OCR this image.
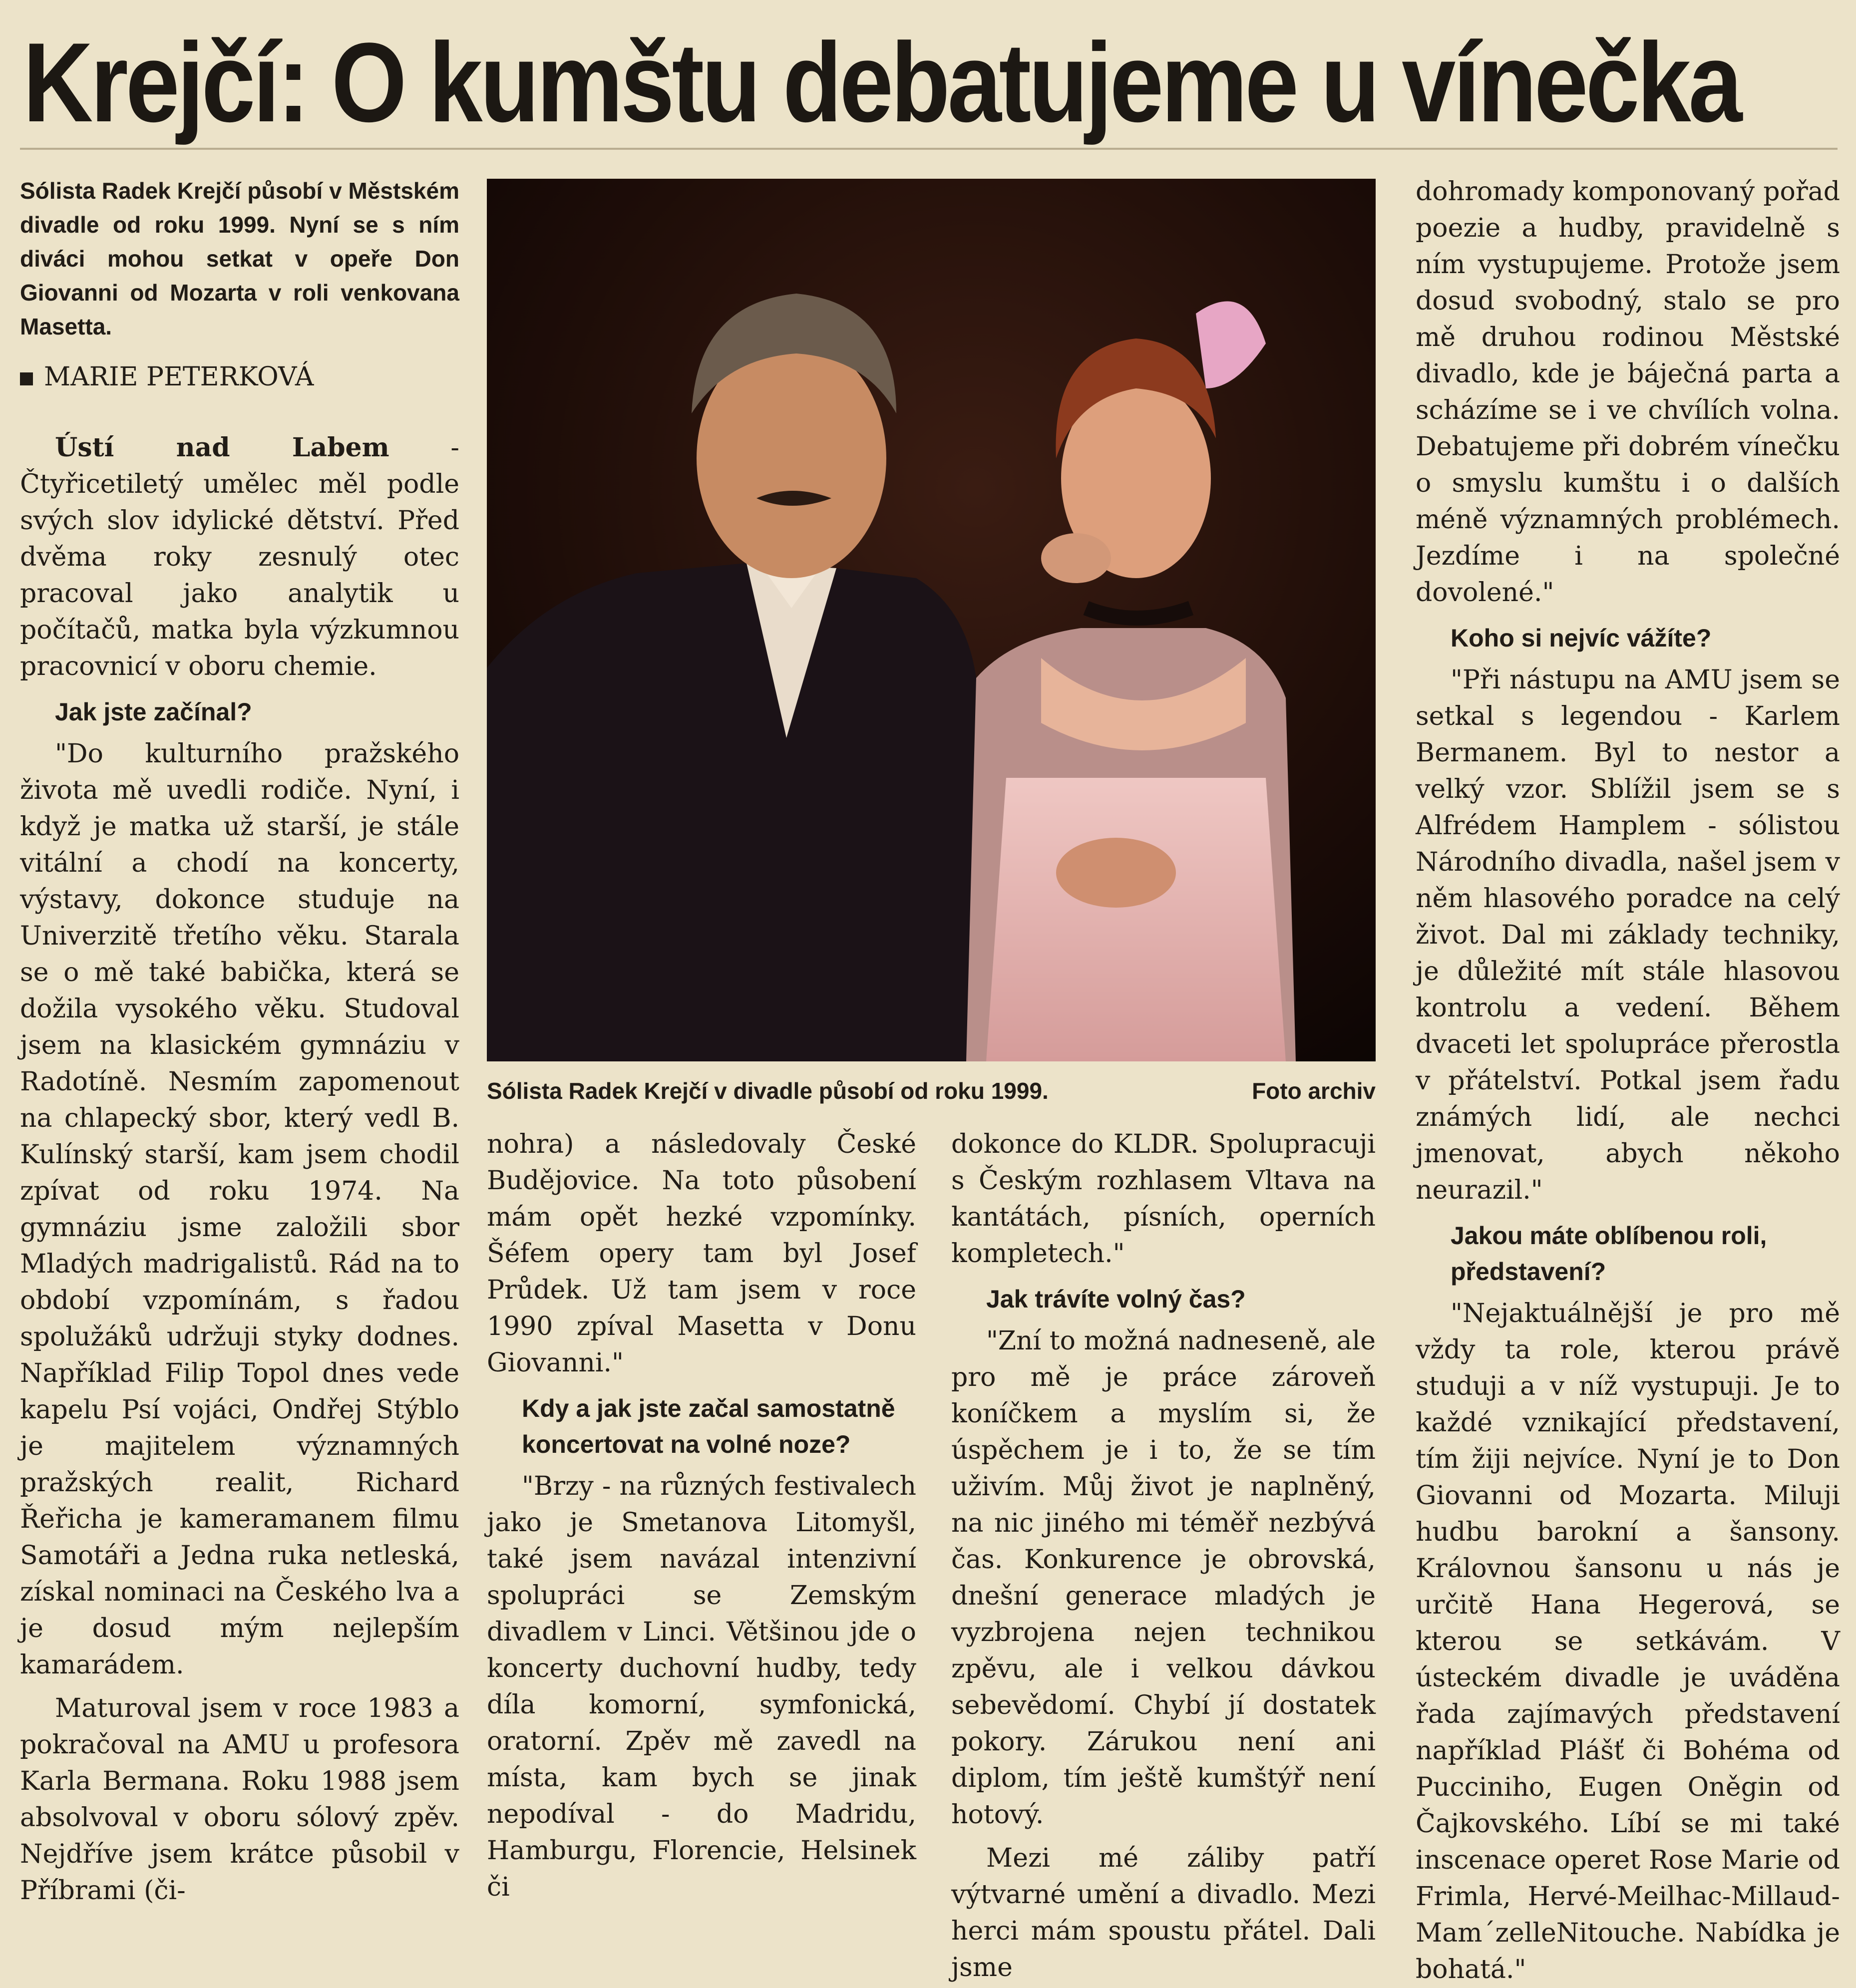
Krejčí: O kumštu debatujeme u vínečka

Sólista Radek Krejčí působí v Městském divadle od roku 1999. Nyní se s ním diváci mohou setkat v opeře Don Giovanni od Mozarta v roli venkovana Masetta.

MARIE PETERKOVÁ

Ústí nad Labem - Čtyřicetiletý umělec měl podle svých slov idylické dětství. Před dvěma roky zesnulý otec pracoval jako analytik u počítačů, matka byla výzkumnou pracovnicí v oboru chemie.

Jak jste začínal?

"Do kulturního pražského života mě uvedli rodiče. Nyní, i když je matka už starší, je stále vitální a chodí na koncerty, výstavy, dokonce studuje na Univerzitě třetího věku. Starala se o mě také babička, která se dožila vysokého věku. Studoval jsem na klasickém gymnáziu v Radotíně. Nesmím zapomenout na chlapecký sbor, který vedl B. Kulínský starší, kam jsem chodil zpívat od roku 1974. Na gymnáziu jsme založili sbor Mladých madrigalistů. Rád na to období vzpomínám, s řadou spolužáků udržuji styky dodnes. Například Filip Topol dnes vede kapelu Psí vojáci, Ondřej Stýblo je majitelem významných pražských realit, Richard Řeřicha je kameramanem filmu Samotáři a Jedna ruka netleská, získal nominaci na Českého lva a je dosud mým nejlepším kamarádem.

Maturoval jsem v roce 1983 a pokračoval na AMU u profesora Karla Bermana. Roku 1988 jsem absolvoval v oboru sólový zpěv. Nejdříve jsem krátce působil v Příbrami (či-

Sólista Radek Krejčí v divadle působí od roku 1999.	Foto archiv

nohra) a následovaly České Budějovice. Na toto působení mám opět hezké vzpomínky. Šéfem opery tam byl Josef Průdek. Už tam jsem v roce 1990 zpíval Masetta v Donu Giovanni."

Kdy a jak jste začal samostatně koncertovat na volné noze?

"Brzy - na různých festivalech jako je Smetanova Litomyšl, také jsem navázal intenzivní spolupráci se Zemským divadlem v Linci. Většinou jde o koncerty duchovní hudby, tedy díla komorní, symfonická, oratorní. Zpěv mě zavedl na místa, kam bych se jinak nepodíval - do Madridu, Hamburgu, Florencie, Helsinek či

dokonce do KLDR. Spolupracuji s Českým rozhlasem Vltava na kantátách, písních, operních kompletech."

Jak trávíte volný čas?

"Zní to možná nadneseně, ale pro mě je práce zároveň koníčkem a myslím si, že úspěchem je i to, že se tím uživím. Můj život je naplněný, na nic jiného mi téměř nezbývá čas. Konkurence je obrovská, dnešní generace mladých je vyzbrojena nejen technikou zpěvu, ale i velkou dávkou sebevědomí. Chybí jí dostatek pokory. Zárukou není ani diplom, tím ještě kumštýř není hotový.

Mezi mé záliby patří výtvarné umění a divadlo. Mezi herci mám spoustu přátel. Dali jsme

dohromady komponovaný pořad poezie a hudby, pravidelně s ním vystupujeme. Protože jsem dosud svobodný, stalo se pro mě druhou rodinou Městské divadlo, kde je báječná parta a scházíme se i ve chvílích volna. Debatujeme při dobrém vínečku o smyslu kumštu i o dalších méně významných problémech. Jezdíme i na společné dovolené."

Koho si nejvíc vážíte?

"Při nástupu na AMU jsem se setkal s legendou - Karlem Bermanem. Byl to nestor a velký vzor. Sblížil jsem se s Alfrédem Hamplem - sólistou Národního divadla, našel jsem v něm hlasového poradce na celý život. Dal mi základy techniky, je důležité mít stále hlasovou kontrolu a vedení. Během dvaceti let spolupráce přerostla v přátelství. Potkal jsem řadu známých lidí, ale nechci jmenovat, abych někoho neurazil."

Jakou máte oblíbenou roli, představení?

"Nejaktuálnější je pro mě vždy ta role, kterou právě studuji a v níž vystupuji. Je to každé vznikající představení, tím žiji nejvíce. Nyní je to Don Giovanni od Mozarta. Miluji hudbu barokní a šansony. Královnou šansonu u nás je určitě Hana Hegerová, se kterou se setkávám. V ústeckém divadle je uváděna řada zajímavých představení například Plášť či Bohéma od Pucciniho, Eugen Oněgin od Čajkovského. Líbí se mi také inscenace operet Rose Marie od Frimla, Hervé-Meilhac-Millaud-Mam´zelleNitouche. Nabídka je bohatá."
